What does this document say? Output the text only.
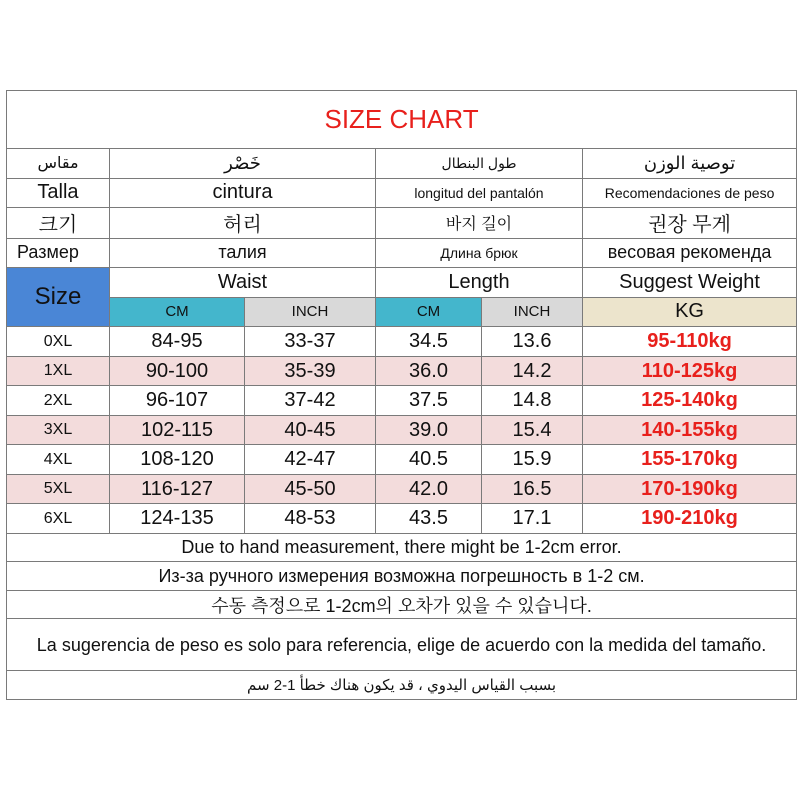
SIZE CHART					
مقاس	خَصْر		طول البنطال		توصية الوزن
Talla	cintura		longitud del pantalón		Recomendaciones de peso
크기	허리		바지 길이		권장 무게
Размер	талия		Длина брюк		весовая рекомендa
Size	Waist		Length		Suggest Weight
	CM	INCH	CM	INCH	KG
0XL	84-95	33-37	34.5	13.6	95-110kg
1XL	90-100	35-39	36.0	14.2	110-125kg
2XL	96-107	37-42	37.5	14.8	125-140kg
3XL	102-115	40-45	39.0	15.4	140-155kg
4XL	108-120	42-47	40.5	15.9	155-170kg
5XL	116-127	45-50	42.0	16.5	170-190kg
6XL	124-135	48-53	43.5	17.1	190-210kg
Due to hand measurement, there might be 1-2cm error.					
Из-за ручного измерения возможна погрешность в 1-2 см.					
수동 측정으로 1-2cm의 오차가 있을 수 있습니다.					
La sugerencia de peso es solo para referencia, elige de acuerdo con la medida del tamaño.					
بسبب القياس اليدوي ، قد يكون هناك خطأ 1-2 سم					
